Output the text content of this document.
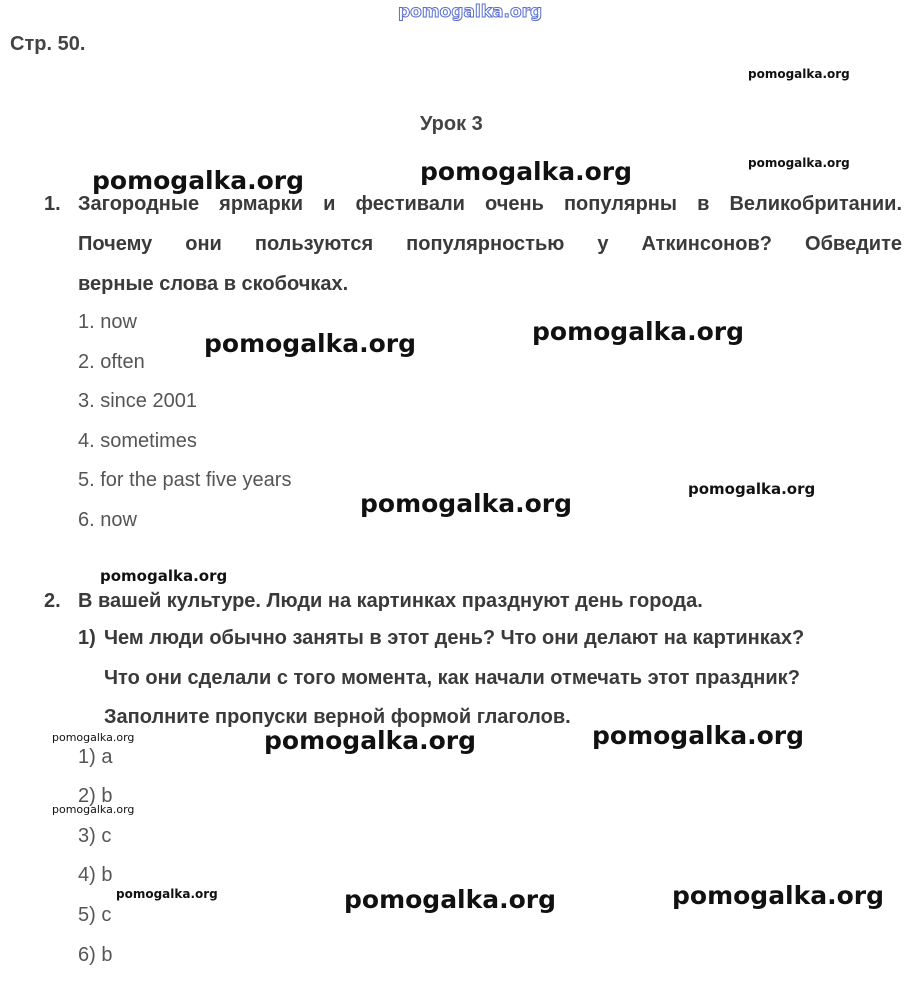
pomogalka.org
Стр. 50.
Урок 3
1. Загородные ярмарки и фестивали очень популярны в Великобритании.
Почему они пользуются популярностью у Аткинсонов? Обведите
верные слова в скобочках.
1. now
2. often
3. since 2001
4. sometimes
5. for the past five years
6. now
2. В вашей культуре. Люди на картинках празднуют день города.
1) Чем люди обычно заняты в этот день? Что они делают на картинках?
Что они сделали с того момента, как начали отмечать этот праздник?
Заполните пропуски верной формой глаголов.
1) a
2) b
3) c
4) b
5) c
6) b
pomogalka.org
pomogalka.org	pomogalka.org
pomogalka.org
pomogalka.org
pomogalka.org
pomogalka.org
pomogalka.org
pomogalka.org
pomogalka.org	pomogalka.org
pomogalka.org
pomogalka.org
pomogalka.org	pomogalka.org	pomogalka.org
